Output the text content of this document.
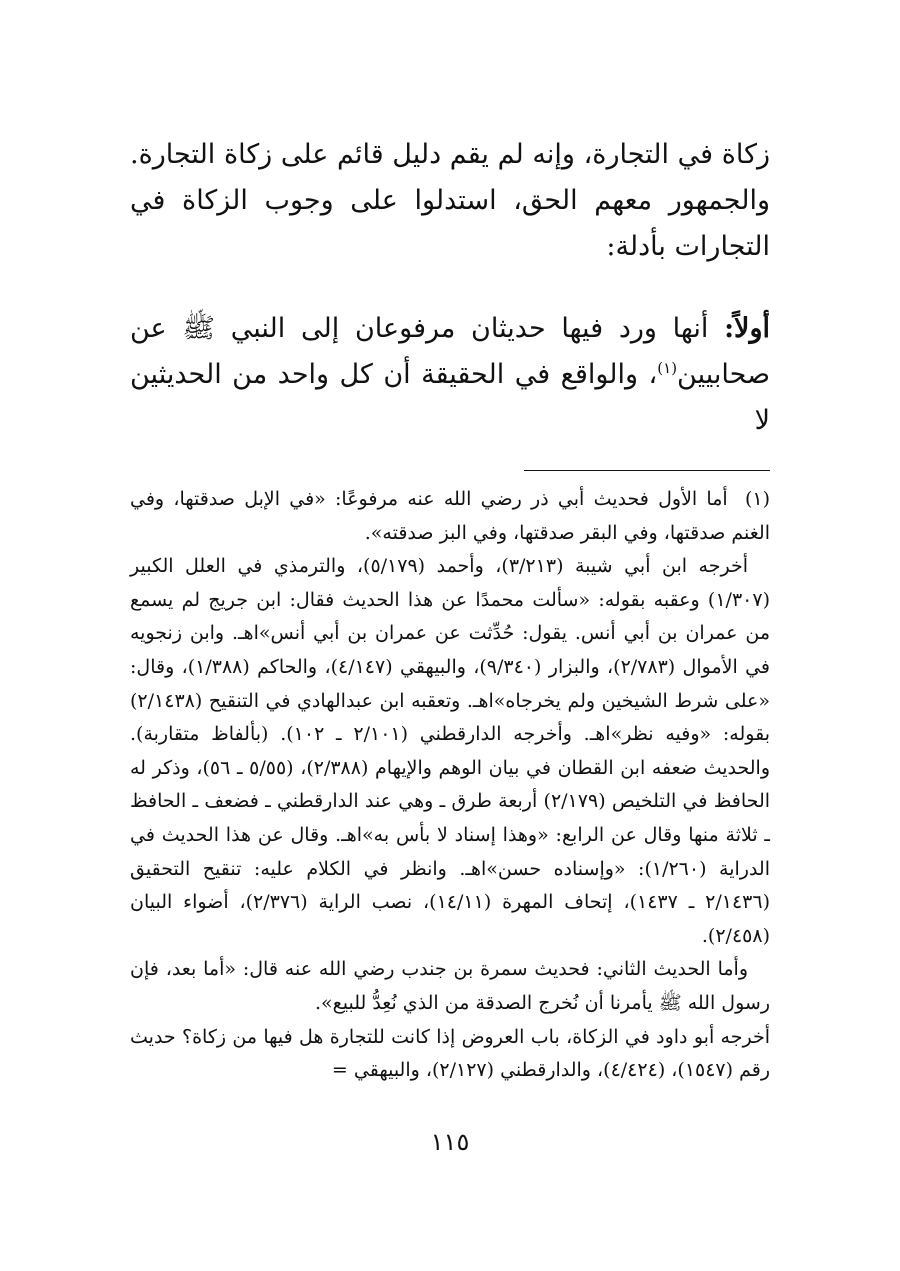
زكاة في التجارة، وإنه لم يقم دليل قائم على زكاة التجارة. والجمهور معهم الحق، استدلوا على وجوب الزكاة في التجارات بأدلة:

أولاً: أنها ورد فيها حديثان مرفوعان إلى النبي ﷺ عن صحابيين$^{(١)}$، والواقع في الحقيقة أن كل واحد من الحديثين لا

(١) أما الأول فحديث أبي ذر رضي الله عنه مرفوعًا: «في الإبل صدقتها، وفي الغنم صدقتها، وفي البقر صدقتها، وفي البز صدقته».

أخرجه ابن أبي شيبة (٣/٢١٣)، وأحمد (٥/١٧٩)، والترمذي في العلل الكبير (١/٣٠٧) وعقبه بقوله: «سألت محمدًا عن هذا الحديث فقال: ابن جريج لم يسمع من عمران بن أبي أنس. يقول: حُدِّثت عن عمران بن أبي أنس»اهـ. وابن زنجويه في الأموال (٢/٧٨٣)، والبزار (٩/٣٤٠)، والبيهقي (٤/١٤٧)، والحاكم (١/٣٨٨)، وقال: «على شرط الشيخين ولم يخرجاه»اهـ. وتعقبه ابن عبدالهادي في التنقيح (٢/١٤٣٨) بقوله: «وفيه نظر»اهـ. وأخرجه الدارقطني (٢/١٠١ ـ ١٠٢). (بألفاظ متقاربة). والحديث ضعفه ابن القطان في بيان الوهم والإيهام (٢/٣٨٨)، (٥/٥٥ ـ ٥٦)، وذكر له الحافظ في التلخيص (٢/١٧٩) أربعة طرق ـ وهي عند الدارقطني ـ فضعف ـ الحافظ ـ ثلاثة منها وقال عن الرابع: «وهذا إسناد لا بأس به»اهـ. وقال عن هذا الحديث في الدراية (١/٢٦٠): «وإسناده حسن»اهـ. وانظر في الكلام عليه: تنقيح التحقيق (٢/١٤٣٦ ـ ١٤٣٧)، إتحاف المهرة (١٤/١١)، نصب الراية (٢/٣٧٦)، أضواء البيان (٢/٤٥٨).

وأما الحديث الثاني: فحديث سمرة بن جندب رضي الله عنه قال: «أما بعد، فإن رسول الله ﷺ يأمرنا أن نُخرج الصدقة من الذي نُعِدُّ للبيع».

أخرجه أبو داود في الزكاة، باب العروض إذا كانت للتجارة هل فيها من زكاة؟ حديث رقم (١٥٤٧)، (٤/٤٢٤)، والدارقطني (٢/١٢٧)، والبيهقي =

١١٥
